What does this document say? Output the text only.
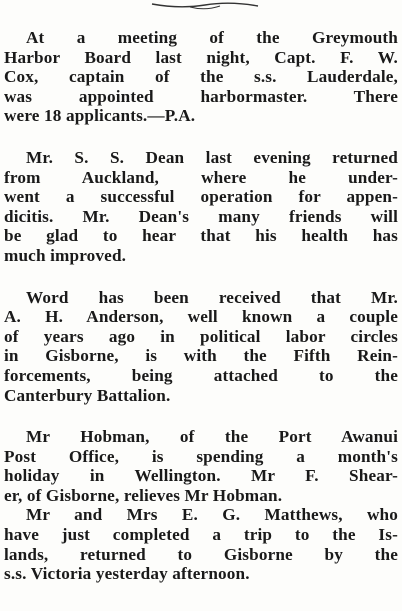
At a meeting of the Greymouth
Harbor Board last night, Capt. F. W.
Cox, captain of the s.s. Lauderdale,
was appointed harbormaster. There
were 18 applicants.—P.A.

Mr. S. S. Dean last evening returned
from Auckland, where he under-
went a successful operation for appen-
dicitis. Mr. Dean's many friends will
be glad to hear that his health has
much improved.

Word has been received that Mr.
A. H. Anderson, well known a couple
of years ago in political labor circles
in Gisborne, is with the Fifth Rein-
forcements, being attached to the
Canterbury Battalion.

Mr Hobman, of the Port Awanui
Post Office, is spending a month's
holiday in Wellington. Mr F. Shear-
er, of Gisborne, relieves Mr Hobman.

Mr and Mrs E. G. Matthews, who
have just completed a trip to the Is-
lands, returned to Gisborne by the
s.s. Victoria yesterday afternoon.
